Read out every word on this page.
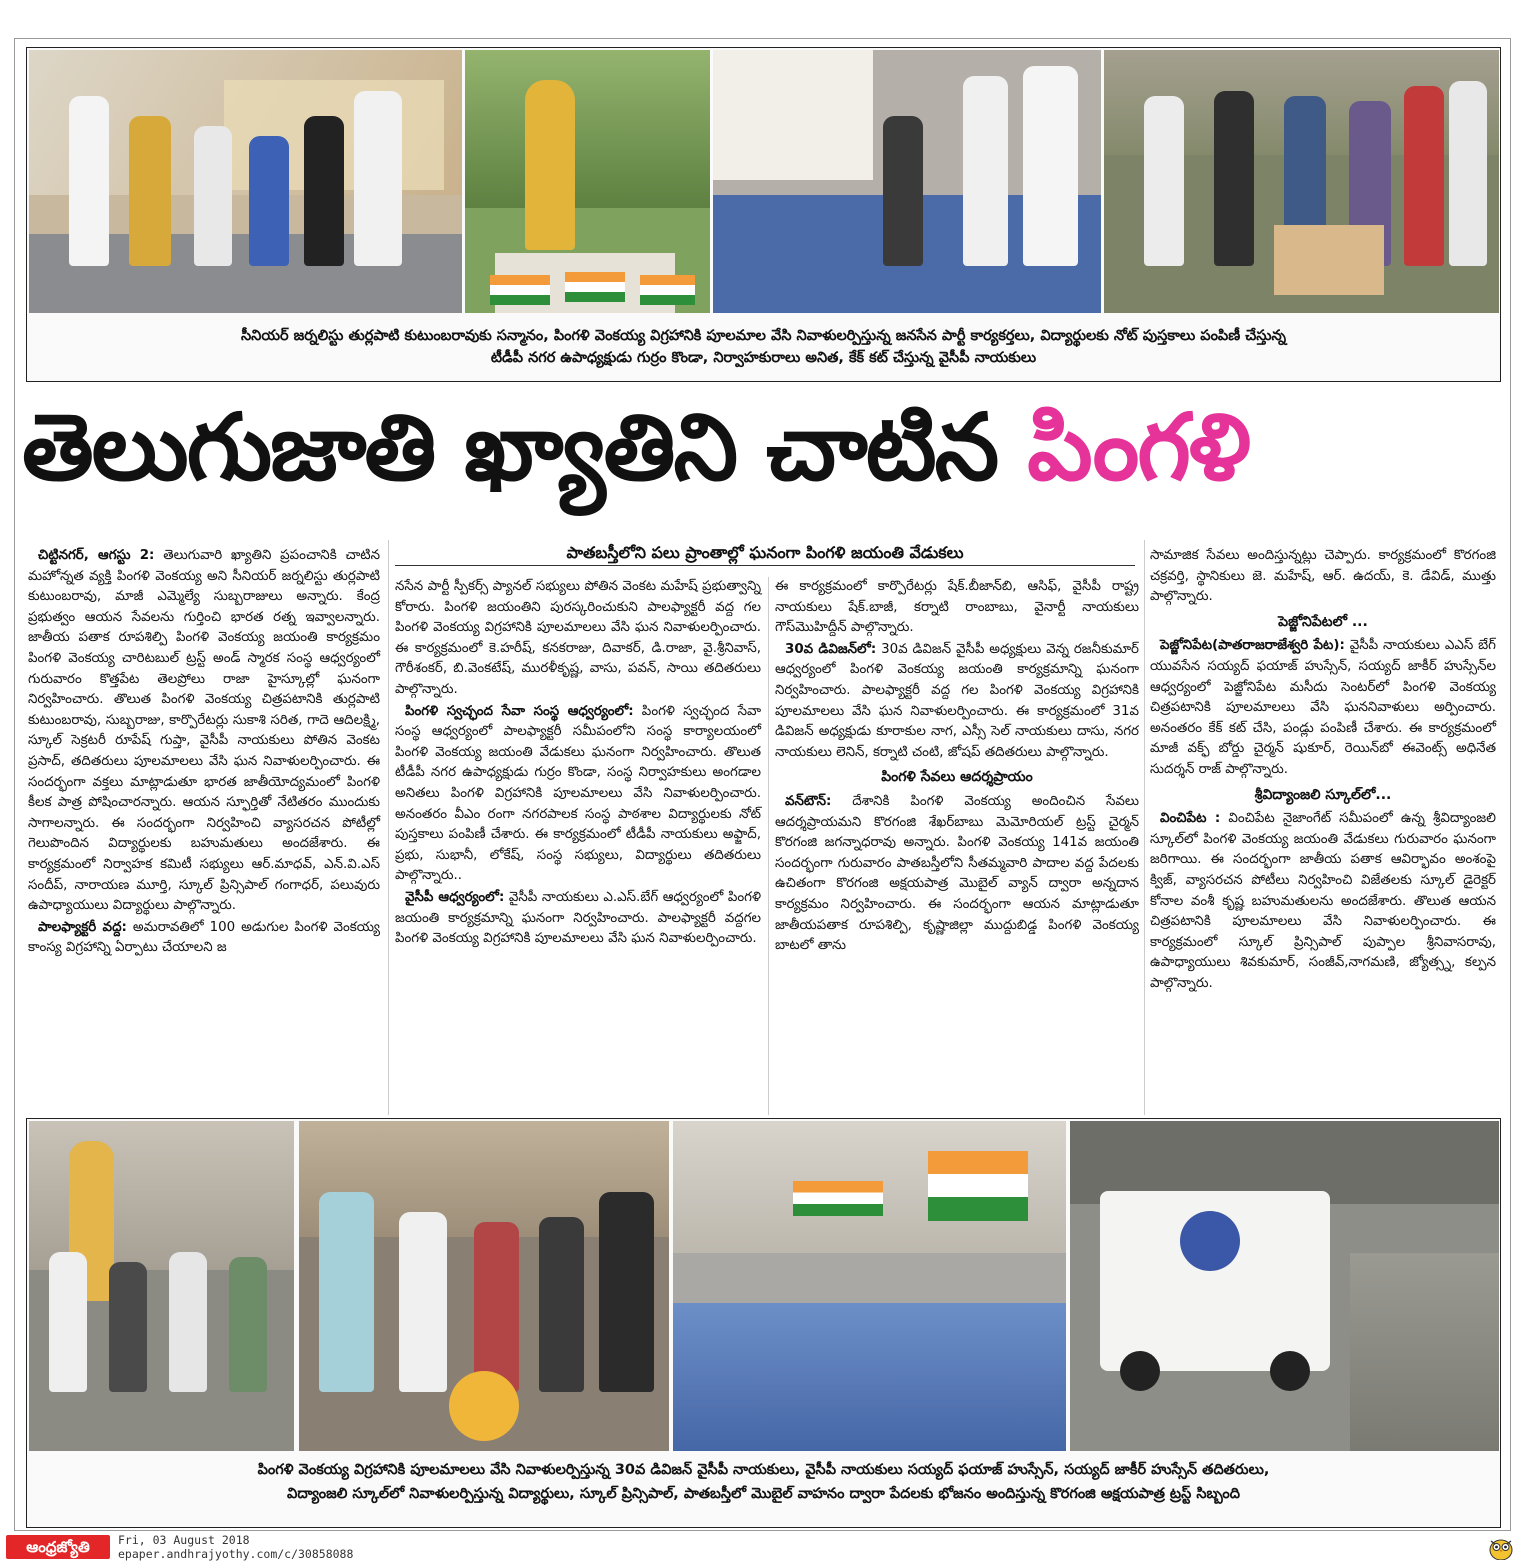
సీనియర్ జర్నలిస్టు తుర్లపాటి కుటుంబరావుకు సన్మానం, పింగళి వెంకయ్య విగ్రహానికి పూలమాల వేసి నివాళులర్పిస్తున్న జనసేన పార్టీ కార్యకర్తలు, విద్యార్థులకు నోట్ పుస్తకాలు పంపిణీ చేస్తున్న
టీడీపీ నగర ఉపాధ్యక్షుడు గుర్రం కొండా, నిర్వాహకురాలు అనిత, కేక్ కట్ చేస్తున్న వైసీపీ నాయకులు
తెలుగుజాతి ఖ్యాతిని చాటిన పింగళి
పాతబస్తీలోని పలు ప్రాంతాల్లో ఘనంగా పింగళి జయంతి వేడుకలు

చిట్టినగర్, ఆగస్టు 2: తెలుగువారి ఖ్యాతిని ప్రపంచానికి చాటిన మహోన్నత వ్యక్తి పింగళి వెంకయ్య అని సీనియర్ జర్నలిస్టు తుర్లపాటి కుటుంబరావు, మాజీ ఎమ్మెల్యే సుబ్బరాజులు అన్నారు. కేంద్ర ప్రభుత్వం ఆయన సేవలను గుర్తించి భారత రత్న ఇవ్వాలన్నారు. జాతీయ పతాక రూపశిల్పి పింగళి వెంకయ్య జయంతి కార్యక్రమం పింగళి వెంకయ్య చారిటబుల్ ట్రస్ట్ అండ్ స్మారక సంస్థ ఆధ్వర్యంలో గురువారం కొత్తపేట తెలప్రోలు రాజా హైస్కూల్లో ఘనంగా నిర్వహించారు. తొలుత పింగళి వెంకయ్య చిత్రపటానికి తుర్లపాటి కుటుంబరావు, సుబ్బరాజు, కార్పొరేటర్లు సుకాశి సరిత, గాదె ఆదిలక్ష్మి, స్కూల్ సెక్రటరీ రూపేష్ గుప్తా, వైసీపీ నాయకులు పోతిన వెంకట ప్రసాద్, తదితరులు పూలమాలలు వేసి ఘన నివాళులర్పించారు. ఈ సందర్భంగా వక్తలు మాట్లాడుతూ భారత జాతీయోద్యమంలో పింగళి కీలక పాత్ర పోషించారన్నారు. ఆయన స్ఫూర్తితో నేటితరం ముందుకు సాగాలన్నారు. ఈ సందర్భంగా నిర్వహించి వ్యాసరచన పోటీల్లో గెలుపొందిన విద్యార్థులకు బహుమతులు అందజేశారు. ఈ కార్యక్రమంలో నిర్వాహక కమిటీ సభ్యులు ఆర్.మాధవ్, ఎన్.వి.ఎస్ సందీప్, నారాయణ మూర్తి, స్కూల్ ప్రిన్సిపాల్ గంగాధర్, పలువురు ఉపాధ్యాయులు విద్యార్థులు పాల్గొన్నారు.

పాలఫ్యాక్టరీ వద్ద: అమరావతిలో 100 అడుగుల పింగళి వెంకయ్య కాంస్య విగ్రహాన్ని ఏర్పాటు చేయాలని జ

నసేన పార్టీ స్పీకర్స్ ప్యానల్ సభ్యులు పోతిన వెంకట మహేష్ ప్రభుత్వాన్ని కోరారు. పింగళి జయంతిని పురస్కరించుకుని పాలఫ్యాక్టరీ వద్ద గల పింగళి వెంకయ్య విగ్రహానికి పూలమాలలు వేసి ఘన నివాళులర్పించారు. ఈ కార్యక్రమంలో కె.హరీష్, కనకరాజు, దివాకర్, డి.రాజా, వై.శ్రీనివాస్, గౌరీశంకర్, బి.వెంకటేష్, మురళీకృష్ణ, వాసు, పవన్, సాయి తదితరులు పాల్గొన్నారు.

పింగళి స్వచ్ఛంద సేవా సంస్థ ఆధ్వర్యంలో: పింగళి స్వచ్ఛంద సేవా సంస్థ ఆధ్వర్యంలో పాలఫ్యాక్టరీ సమీపంలోని సంస్థ కార్యాలయంలో పింగళి వెంకయ్య జయంతి వేడుకలు ఘనంగా నిర్వహించారు. తొలుత టీడీపీ నగర ఉపాధ్యక్షుడు గుర్రం కొండా, సంస్థ నిర్వాహకులు అంగడాల అనితలు పింగళి విగ్రహానికి పూలమాలలు వేసి నివాళులర్పించారు. అనంతరం వీఎం రంగా నగరపాలక సంస్థ పాఠశాల విద్యార్థులకు నోట్ పుస్తకాలు పంపిణీ చేశారు. ఈ కార్యక్రమంలో టీడీపీ నాయకులు అఫ్జాద్, ప్రభు, సుభానీ, లోకేష్, సంస్థ సభ్యులు, విద్యార్థులు తదితరులు పాల్గొన్నారు..

వైసీపీ ఆధ్వర్యంలో: వైసీపీ నాయకులు ఎ.ఎస్.బేగ్ ఆధ్వర్యంలో పింగళి జయంతి కార్యక్రమాన్ని ఘనంగా నిర్వహించారు. పాలఫ్యాక్టరీ వద్దగల పింగళి వెంకయ్య విగ్రహానికి పూలమాలలు వేసి ఘన నివాళులర్పించారు.

ఈ కార్యక్రమంలో కార్పొరేటర్లు షేక్.బీజాన్‌బి, ఆసిఫ్, వైసీపీ రాష్ట్ర నాయకులు షేక్.బాజీ, కర్నాటి రాంబాబు, వైనార్టీ నాయకులు గౌస్‌మొహిద్దీన్ పాల్గొన్నారు.

30వ డివిజన్‌లో: 30వ డివిజన్ వైసీపీ అధ్యక్షులు వెన్న రజనీకుమార్ ఆధ్వర్యంలో పింగళి వెంకయ్య జయంతి కార్యక్రమాన్ని ఘనంగా నిర్వహించారు. పాలఫ్యాక్టరీ వద్ద గల పింగళి వెంకయ్య విగ్రహానికి పూలమాలలు వేసి ఘన నివాళులర్పించారు. ఈ కార్యక్రమంలో 31వ డివిజన్ అధ్యక్షుడు కూరాకుల నాగ, ఎస్సీ సెల్ నాయకులు దాసు, నగర నాయకులు లెనిన్, కర్నాటి చంటి, జోషప్ తదితరులు పాల్గొన్నారు.

పింగళి సేవలు ఆదర్శప్రాయం

వన్‌టౌన్: దేశానికి పింగళి వెంకయ్య అందించిన సేవలు ఆదర్శప్రాయమని కొరగంజి శేఖర్‌బాబు మెమోరియల్ ట్రస్ట్ చైర్మన్ కొరగంజి జగన్నాధరావు అన్నారు. పింగళి వెంకయ్య 141వ జయంతి సందర్భంగా గురువారం పాతబస్తీలోని సీతమ్మవారి పాదాల వద్ద పేదలకు ఉచితంగా కొరగంజి అక్షయపాత్ర మొబైల్ వ్యాన్ ద్వారా అన్నదాన కార్యక్రమం నిర్వహించారు. ఈ సందర్భంగా ఆయన మాట్లాడుతూ జాతీయపతాక రూపశిల్పి, కృష్ణాజిల్లా ముద్దుబిడ్డ పింగళి వెంకయ్య బాటలో తాను

సామాజిక సేవలు అందిస్తున్నట్లు చెప్పారు. కార్యక్రమంలో కొరగంజి చక్రవర్తి, స్థానికులు జె. మహేష్, ఆర్. ఉదయ్, కె. డేవిడ్, ముత్తు పాల్గొన్నారు.

పెజ్జోనిపేటలో ...

పెజ్జోనిపేట(పాతరాజరాజేశ్వరి పేట): వైసీపీ నాయకులు ఎఎస్ బేగ్ యువసేన సయ్యద్ ఫయాజ్ హుస్సేన్, సయ్యద్ జాకీర్ హుస్సేన్‌ల ఆధ్వర్యంలో పెజ్జోనిపేట మసీదు సెంటర్‌లో పింగళి వెంకయ్య చిత్రపటానికి పూలమాలలు వేసి ఘననివాళులు అర్పించారు. అనంతరం కేక్ కట్ చేసి, పండ్లు పంపిణీ చేశారు. ఈ కార్యక్రమంలో మాజీ వక్ఫ్ బోర్డు చైర్మన్ షుకూర్, రెయిన్‌బో ఈవెంట్స్ అధినేత సుదర్శన్ రాజ్ పాల్గొన్నారు.

శ్రీవిద్యాంజలి స్కూల్‌లో...

వించిపేట : వించిపేట నైజాంగేట్ సమీపంలో ఉన్న శ్రీవిద్యాంజలి స్కూల్‌లో పింగళి వెంకయ్య జయంతి వేడుకలు గురువారం ఘనంగా జరిగాయి. ఈ సందర్భంగా జాతీయ పతాక ఆవిర్భావం అంశంపై క్విజ్, వ్యాసరచన పోటీలు నిర్వహించి విజేతలకు స్కూల్ డైరెక్టర్ కోనాల వంశీ కృష్ణ బహుమతులను అందజేశారు. తొలుత ఆయన చిత్రపటానికి పూలమాలలు వేసి నివాళులర్పించారు. ఈ కార్యక్రమంలో స్కూల్ ప్రిన్సిపాల్ పుప్పాల శ్రీనివాసరావు, ఉపాధ్యాయులు శివకుమార్, సంజీవ్,నాగమణి, జ్యోత్స్న, కల్పన పాల్గొన్నారు.

పింగళి వెంకయ్య విగ్రహానికి పూలమాలలు వేసి నివాళులర్పిస్తున్న 30వ డివిజన్ వైసీపీ నాయకులు, వైసీపీ నాయకులు సయ్యద్ ఫయాజ్ హుస్సేన్, సయ్యద్ జాకీర్ హుస్సేన్ తదితరులు,
విద్యాంజలి స్కూల్‌లో నివాళులర్పిస్తున్న విద్యార్థులు, స్కూల్ ప్రిన్సిపాల్, పాతబస్తీలో మొబైల్ వాహనం ద్వారా పేదలకు భోజనం అందిస్తున్న కొరగంజి అక్షయపాత్ర ట్రస్ట్ సిబ్బంది
ఆంధ్రజ్యోతి	Fri, 03 August 2018
epaper.andhrajyothy.com/c/30858088
